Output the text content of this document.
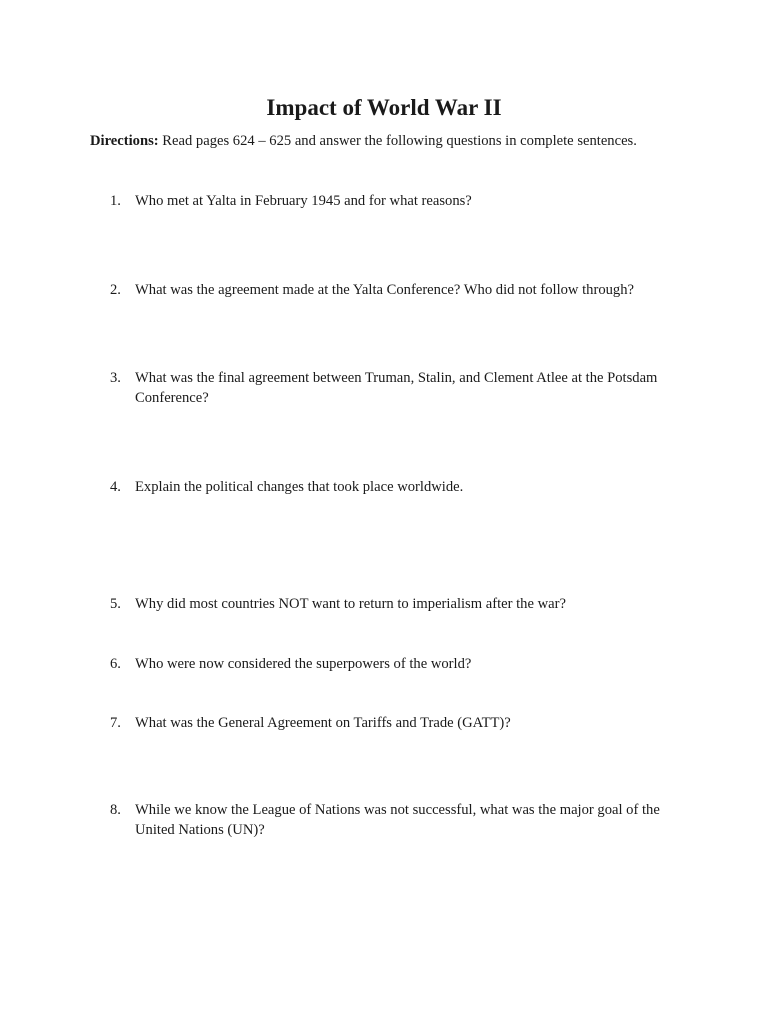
Impact of World War II
Directions: Read pages 624 – 625 and answer the following questions in complete sentences.
1. Who met at Yalta in February 1945 and for what reasons?
2. What was the agreement made at the Yalta Conference? Who did not follow through?
3. What was the final agreement between Truman, Stalin, and Clement Atlee at the Potsdam Conference?
4. Explain the political changes that took place worldwide.
5. Why did most countries NOT want to return to imperialism after the war?
6. Who were now considered the superpowers of the world?
7. What was the General Agreement on Tariffs and Trade (GATT)?
8. While we know the League of Nations was not successful, what was the major goal of the United Nations (UN)?
